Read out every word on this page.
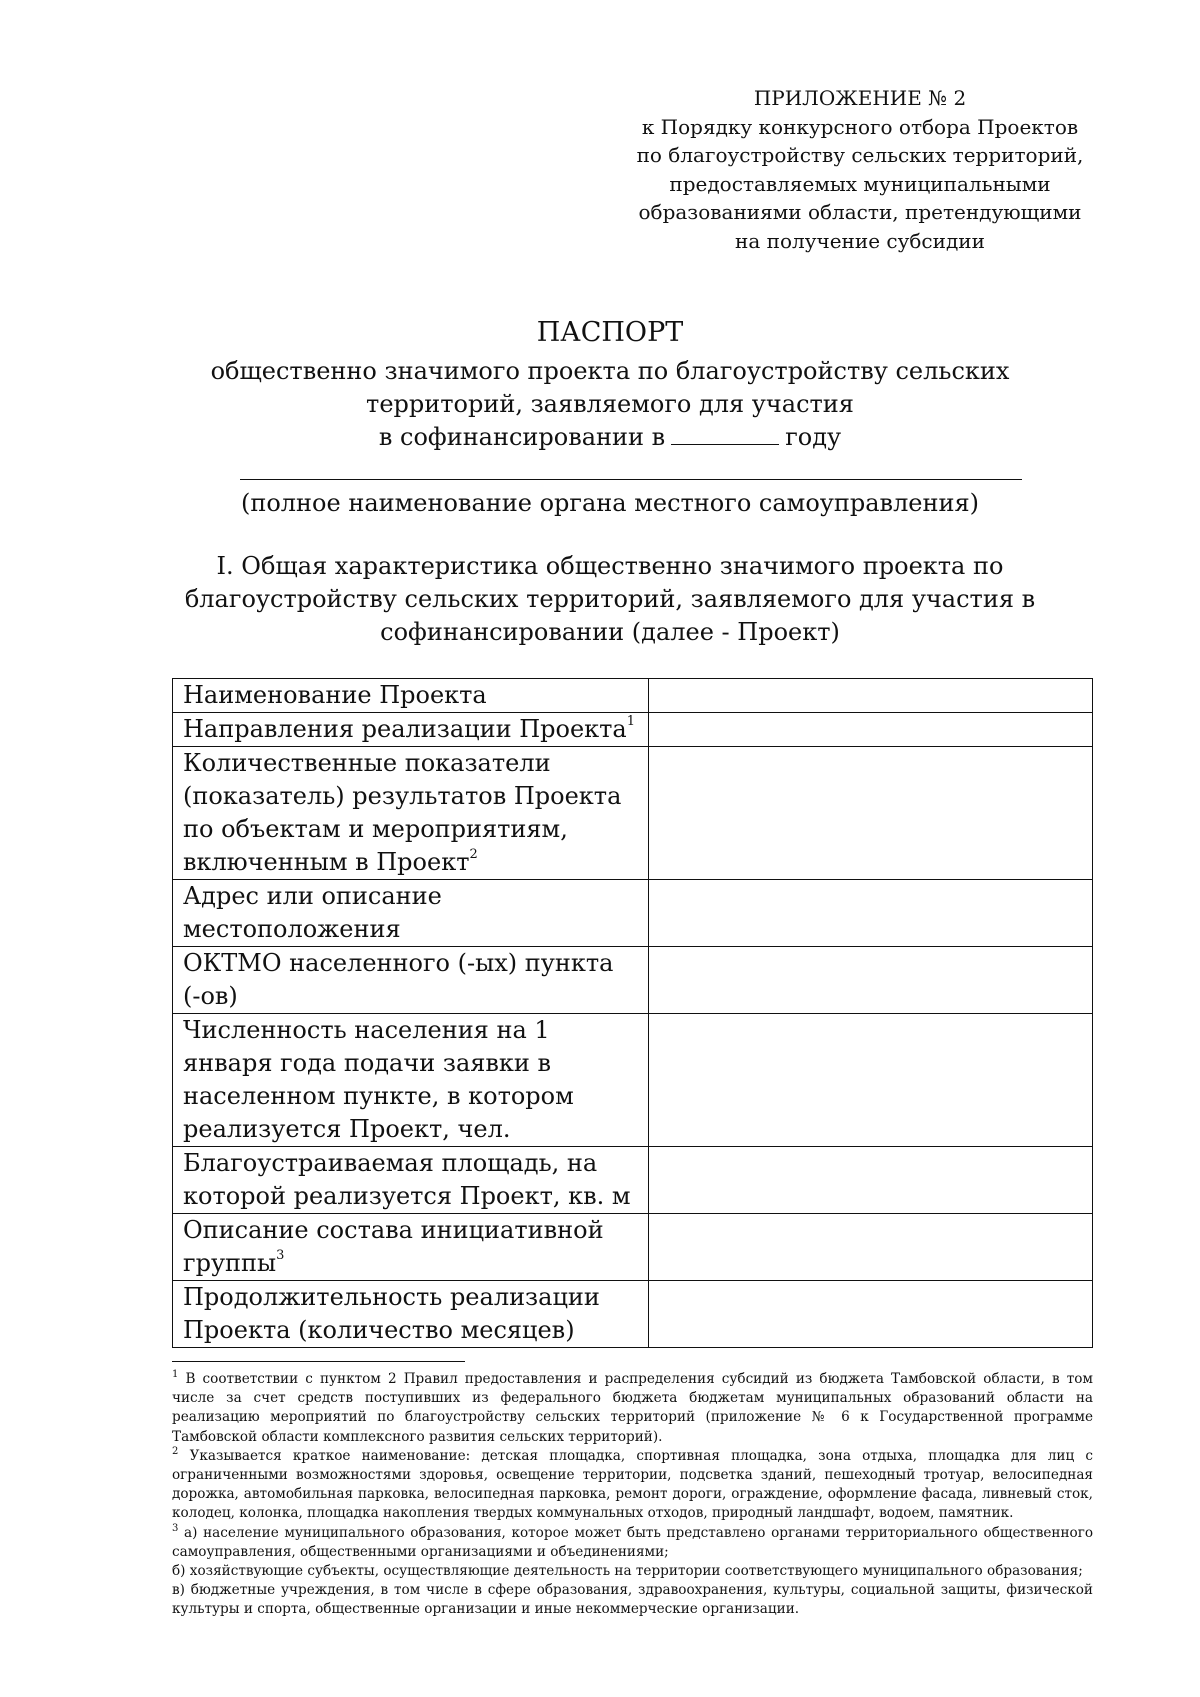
ПРИЛОЖЕНИЕ № 2
к Порядку конкурсного отбора Проектов
по благоустройству сельских территорий,
предоставляемых муниципальными
образованиями области, претендующими
на получение субсидии
ПАСПОРТ
общественно значимого проекта по благоустройству сельских
территорий, заявляемого для участия
в софинансировании в	году
(полное наименование органа местного самоуправления)
I. Общая характеристика общественно значимого проекта по
благоустройству сельских территорий, заявляемого для участия в
софинансировании (далее - Проект)
Наименование Проекта	
Направления реализации Проекта$^1$	
Количественные показатели (показатель) результатов Проекта по объектам и мероприятиям, включенным в Проект$^2$	
Адрес или описание местоположения	
ОКТМО населенного (-ых) пункта (-ов)	
Численность населения на 1 января года подачи заявки в населенном пункте, в котором реализуется Проект, чел.	
Благоустраиваемая площадь, на которой реализуется Проект, кв. м	
Описание состава инициативной группы$^3$	
Продолжительность реализации Проекта (количество месяцев)	

$^1$ В соответствии с пунктом 2 Правил предоставления и распределения субсидий из бюджета Тамбовской области, в том числе за счет средств поступивших из федерального бюджета бюджетам муниципальных образований области на реализацию мероприятий по благоустройству сельских территорий (приложение № 6 к Государственной программе Тамбовской области комплексного развития сельских территорий).

$^2$ Указывается краткое наименование: детская площадка, спортивная площадка, зона отдыха, площадка для лиц с ограниченными возможностями здоровья, освещение территории, подсветка зданий, пешеходный тротуар, велосипедная дорожка, автомобильная парковка, велосипедная парковка, ремонт дороги, ограждение, оформление фасада, ливневый сток, колодец, колонка, площадка накопления твердых коммунальных отходов, природный ландшафт, водоем, памятник.

$^3$ а) население муниципального образования, которое может быть представлено органами территориального общественного самоуправления, общественными организациями и объединениями;

б) хозяйствующие субъекты, осуществляющие деятельность на территории соответствующего муниципального образования;

в) бюджетные учреждения, в том числе в сфере образования, здравоохранения, культуры, социальной защиты, физической культуры и спорта, общественные организации и иные некоммерческие организации.
